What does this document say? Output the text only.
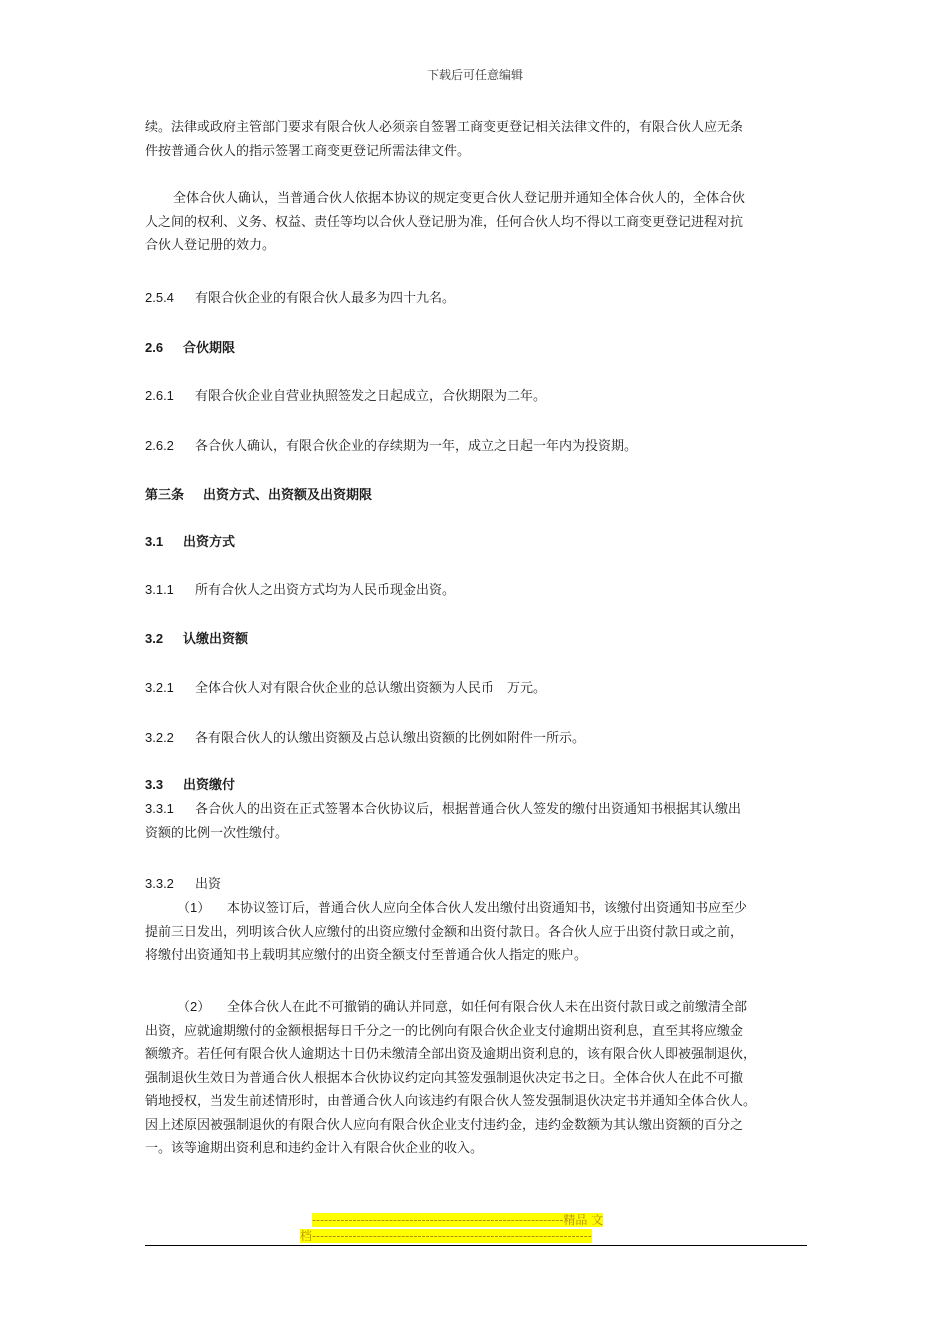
下载后可任意编辑
续。法律或政府主管部门要求有限合伙人必须亲自签署工商变更登记相关法律文件的，有限合伙人应无条
件按普通合伙人的指示签署工商变更登记所需法律文件。
全体合伙人确认，当普通合伙人依据本协议的规定变更合伙人登记册并通知全体合伙人的，全体合伙
人之间的权利、义务、权益、责任等均以合伙人登记册为准，任何合伙人均不得以工商变更登记进程对抗
合伙人登记册的效力。
2.5.4 有限合伙企业的有限合伙人最多为四十九名。
2.6 合伙期限
2.6.1 有限合伙企业自营业执照签发之日起成立，合伙期限为二年。
2.6.2 各合伙人确认，有限合伙企业的存续期为一年，成立之日起一年内为投资期。
第三条 出资方式、出资额及出资期限
3.1 出资方式
3.1.1 所有合伙人之出资方式均为人民币现金出资。
3.2 认缴出资额
3.2.1 全体合伙人对有限合伙企业的总认缴出资额为人民币　万元。
3.2.2 各有限合伙人的认缴出资额及占总认缴出资额的比例如附件一所示。
3.3 出资缴付
3.3.1 各合伙人的出资在正式签署本合伙协议后，根据普通合伙人签发的缴付出资通知书根据其认缴出
资额的比例一次性缴付。
3.3.2 出资
（1） 本协议签订后，普通合伙人应向全体合伙人发出缴付出资通知书，该缴付出资通知书应至少
提前三日发出，列明该合伙人应缴付的出资应缴付金额和出资付款日。各合伙人应于出资付款日或之前，
将缴付出资通知书上载明其应缴付的出资全额支付至普通合伙人指定的账户。
（2） 全体合伙人在此不可撤销的确认并同意，如任何有限合伙人未在出资付款日或之前缴清全部
出资，应就逾期缴付的金额根据每日千分之一的比例向有限合伙企业支付逾期出资利息，直至其将应缴金
额缴齐。若任何有限合伙人逾期达十日仍未缴清全部出资及逾期出资利息的，该有限合伙人即被强制退伙，
强制退伙生效日为普通合伙人根据本合伙协议约定向其签发强制退伙决定书之日。全体合伙人在此不可撤
销地授权，当发生前述情形时，由普通合伙人向该违约有限合伙人签发强制退伙决定书并通知全体合伙人。
因上述原因被强制退伙的有限合伙人应向有限合伙企业支付违约金，违约金数额为其认缴出资额的百分之
一。该等逾期出资利息和违约金计入有限合伙企业的收入。
--------------------------------------------------------------精品 文
档---------------------------------------------------------------------
